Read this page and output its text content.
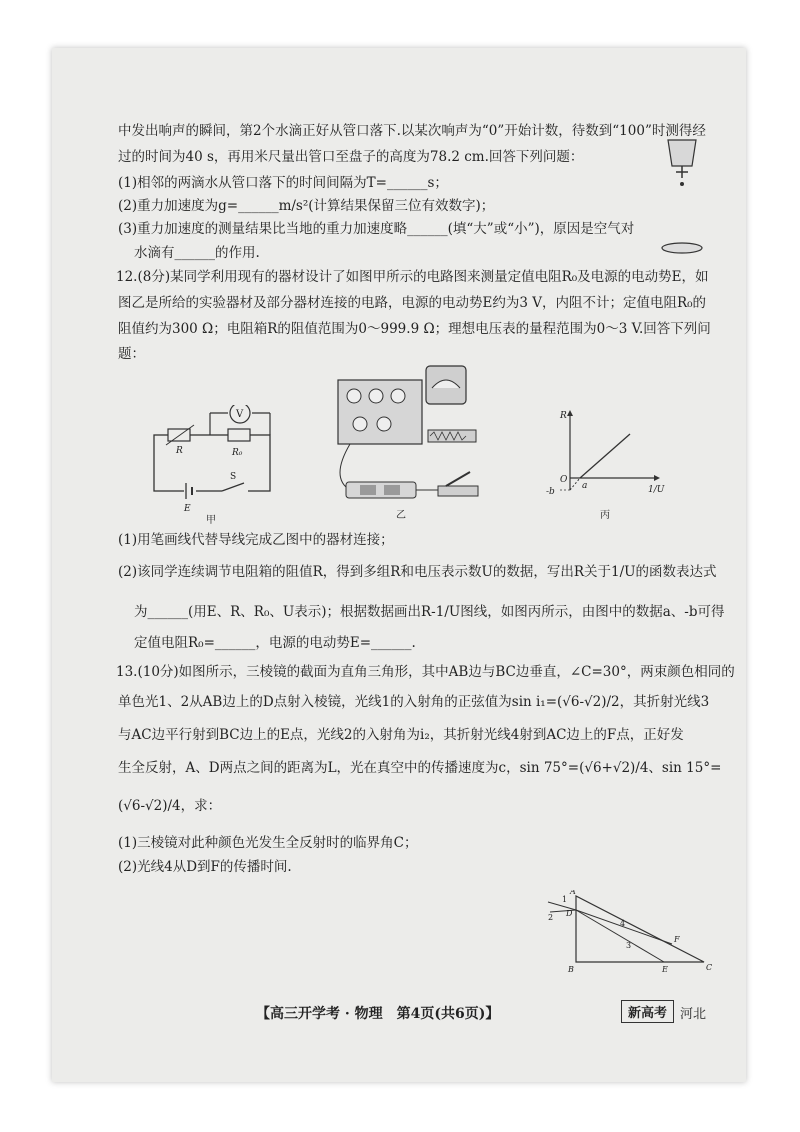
中发出响声的瞬间，第2个水滴正好从管口落下.以某次响声为“0”开始计数，待数到“100”时测得经
过的时间为40 s，再用米尺量出管口至盘子的高度为78.2 cm.回答下列问题：
(1)相邻的两滴水从管口落下的时间间隔为T=______s；
(2)重力加速度为g=______m/s²(计算结果保留三位有效数字)；
(3)重力加速度的测量结果比当地的重力加速度略______(填“大”或“小”)，原因是空气对
水滴有______的作用.
12.(8分)某同学利用现有的器材设计了如图甲所示的电路图来测量定值电阻R₀及电源的电动势E，如
图乙是所给的实验器材及部分器材连接的电路，电源的电动势E约为3 V，内阻不计；定值电阻R₀的
阻值约为300 Ω；电阻箱R的阻值范围为0～999.9 Ω；理想电压表的量程范围为0～3 V.回答下列问
题：
(1)用笔画线代替导线完成乙图中的器材连接；
(2)该同学连续调节电阻箱的阻值R，得到多组R和电压表示数U的数据，写出R关于1/U的函数表达式
为______(用E、R、R₀、U表示)；根据数据画出R-1/U图线，如图丙所示，由图中的数据a、-b可得
定值电阻R₀=______，电源的电动势E=______.
13.(10分)如图所示，三棱镜的截面为直角三角形，其中AB边与BC边垂直，∠C=30°，两束颜色相同的
单色光1、2从AB边上的D点射入棱镜，光线1的入射角的正弦值为sin i₁=(√6-√2)/2，其折射光线3
与AC边平行射到BC边上的E点，光线2的入射角为i₂，其折射光线4射到AC边上的F点，正好发
生全反射，A、D两点之间的距离为L，光在真空中的传播速度为c，sin 75°=(√6+√2)/4、sin 15°=
(√6-√2)/4，求：
(1)三棱镜对此种颜色光发生全反射时的临界角C；
(2)光线4从D到F的传播时间.
V
R	R₀
E
S
甲	乙
R
O
a
-b	1/U
丙
A
B	C
D
E
F
1
2
3
4
【高三开学考 · 物理　第4页(共6页)】	新高考 河北
